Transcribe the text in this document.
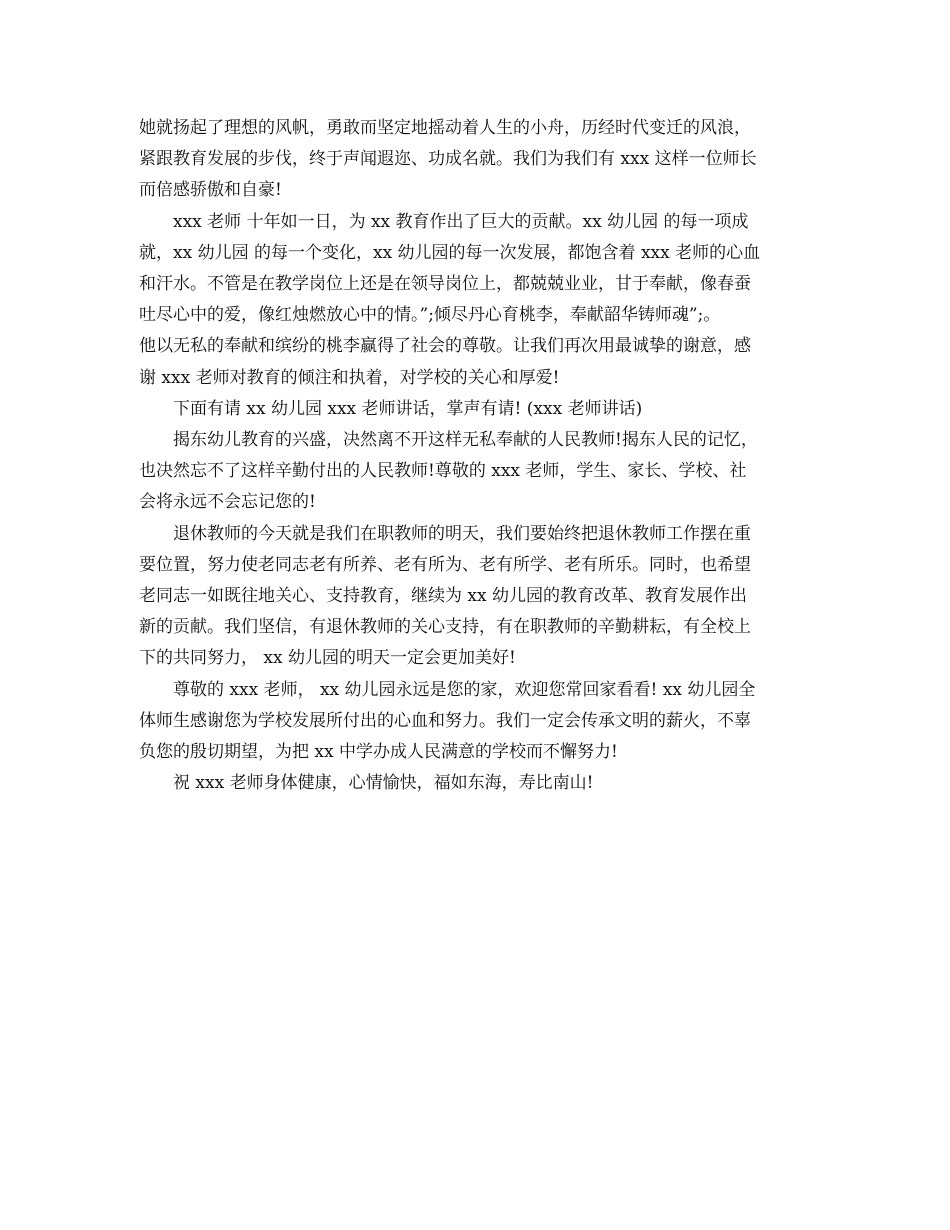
她就扬起了理想的风帆，勇敢而坚定地摇动着人生的小舟，历经时代变迁的风浪，
紧跟教育发展的步伐，终于声闻遐迩、功成名就。我们为我们有 xxx 这样一位师长
而倍感骄傲和自豪!

xxx 老师 十年如一日，为 xx 教育作出了巨大的贡献。xx 幼儿园 的每一项成
就，xx 幼儿园 的每一个变化，xx 幼儿园的每一次发展，都饱含着 xxx 老师的心血
和汗水。不管是在教学岗位上还是在领导岗位上，都兢兢业业，甘于奉献，像春蚕
吐尽心中的爱，像红烛燃放心中的情。”;倾尽丹心育桃李，奉献韶华铸师魂”;。
他以无私的奉献和缤纷的桃李赢得了社会的尊敬。让我们再次用最诚挚的谢意，感
谢 xxx 老师对教育的倾注和执着，对学校的关心和厚爱!

下面有请 xx 幼儿园 xxx 老师讲话，掌声有请! (xxx 老师讲话)

揭东幼儿教育的兴盛，决然离不开这样无私奉献的人民教师!揭东人民的记忆，
也决然忘不了这样辛勤付出的人民教师!尊敬的 xxx 老师，学生、家长、学校、社
会将永远不会忘记您的!

退休教师的今天就是我们在职教师的明天，我们要始终把退休教师工作摆在重
要位置，努力使老同志老有所养、老有所为、老有所学、老有所乐。同时，也希望
老同志一如既往地关心、支持教育，继续为 xx 幼儿园的教育改革、教育发展作出
新的贡献。我们坚信，有退休教师的关心支持，有在职教师的辛勤耕耘，有全校上
下的共同努力， xx 幼儿园的明天一定会更加美好!

尊敬的 xxx 老师， xx 幼儿园永远是您的家，欢迎您常回家看看! xx 幼儿园全
体师生感谢您为学校发展所付出的心血和努力。我们一定会传承文明的薪火，不辜
负您的殷切期望，为把 xx 中学办成人民满意的学校而不懈努力!

祝 xxx 老师身体健康，心情愉快，福如东海，寿比南山!
